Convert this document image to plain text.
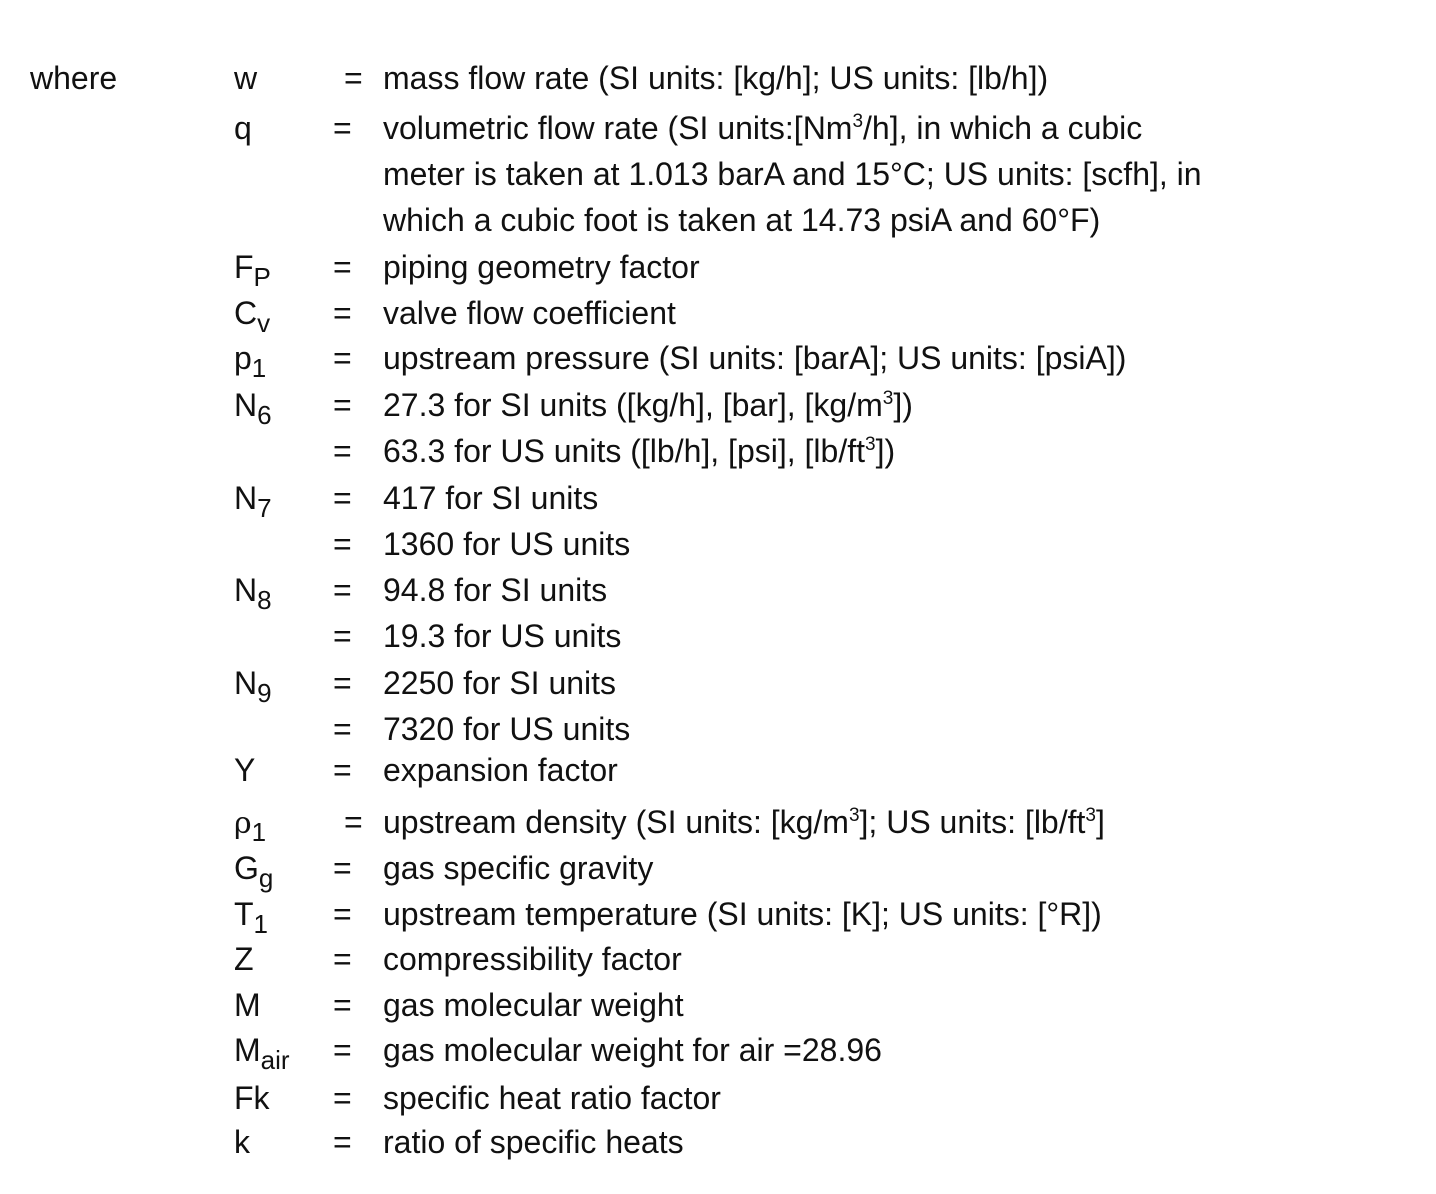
where	w	= mass flow rate (SI units: [kg/h]; US units: [lb/h])
q	= volumetric flow rate (SI units:[Nm$^3$/h], in which a cubic
meter is taken at 1.013 barA and 15°C; US units: [scfh], in
which a cubic foot is taken at 14.73 psiA and 60°F)
$F_P$ = piping geometry factor
$C_v$ = valve flow coefficient
$p_1$ = upstream pressure (SI units: [barA]; US units: [psiA])
$N_6 = 27.3$ for SI units ([kg/h], [bar], $[kg/m^3]$)
= 63.3 for US units ([lb/h], [psi], $[lb/ft^3]$)
$N_7 = 417$ for SI units
= 1360 for US units
$N_8 = 94.8$ for SI units
= 19.3 for US units
$N_9 = 2250$ for SI units
= 7320 for US units
Y = expansion factor
$\rho_1$ = upstream density (SI units: $[kg/m^3]$; US units: $[lb/ft^3]$
$G_g$ = gas specific gravity
$T_1$ = upstream temperature (SI units: [K]; US units: [°R])
Z = compressibility factor
M = gas molecular weight
$M_{air}$ = gas molecular weight for air =28.96
Fk = specific heat ratio factor
k	= ratio of specific heats
